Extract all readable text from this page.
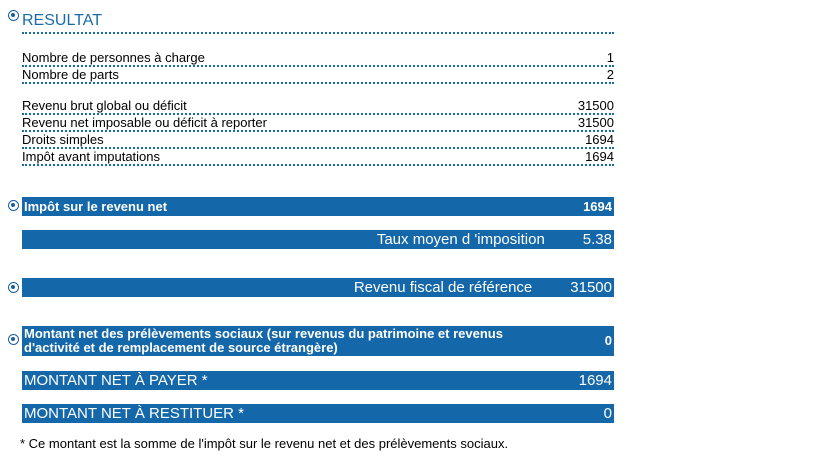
RESULTAT
Nombre de personnes à charge	1
Nombre de parts	2
Revenu brut global ou déficit	31500
Revenu net imposable ou déficit à reporter	31500
Droits simples	1694
Impôt avant imputations	1694
Impôt sur le revenu net	1694
Taux moyen d 'imposition	5.38
Revenu fiscal de référence	31500
Montant net des prélèvements sociaux (sur revenus du patrimoine et revenus d'activité et de remplacement de source étrangère)	0
MONTANT NET À PAYER *	1694
MONTANT NET À RESTITUER *	0
* Ce montant est la somme de l'impôt sur le revenu net et des prélèvements sociaux.
